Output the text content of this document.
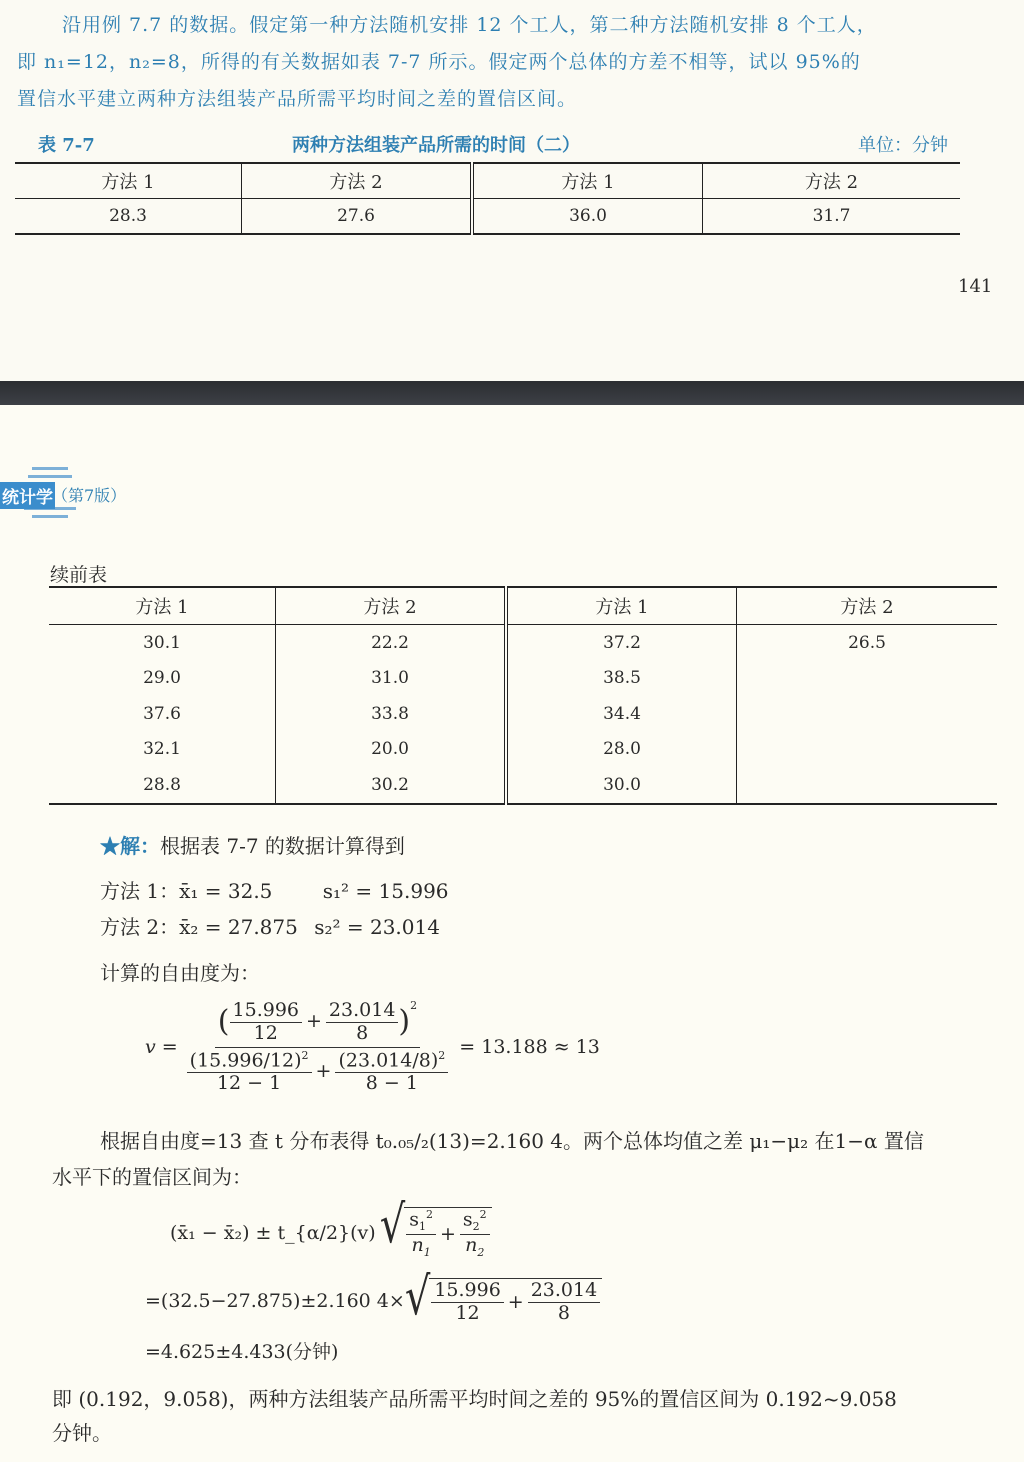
沿用例 7.7 的数据。假定第一种方法随机安排 12 个工人，第二种方法随机安排 8 个工人，
即 n₁=12，n₂=8，所得的有关数据如表 7-7 所示。假定两个总体的方差不相等，试以 95%的
置信水平建立两种方法组装产品所需平均时间之差的置信区间。
表 7-7	两种方法组装产品所需的时间（二）	单位：分钟
方法 1	方法 2	方法 1	方法 2
28.3	27.6	36.0	31.7
141
统计学 （第7版）
续前表
方法 1	方法 2	方法 1	方法 2
30.1	22.2	37.2	26.5
29.0	31.0	38.5	
37.6	33.8	34.4	
32.1	20.0	28.0	
28.8	30.2	30.0	
★解：根据表 7-7 的数据计算得到
方法 1：x̄₁ = 32.5	s₁² = 15.996
方法 2：x̄₂ = 27.875 s₂² = 23.014
计算的自由度为：
$v = \frac{( \frac{15.996}{12} + \frac{23.014}{8} )^2}{\frac{(15.996/12)^2}{12 - 1} + \frac{(23.014/8)^2}{8 - 1}} = 13.188 \approx 13$
根据自由度=13 查 t 分布表得 t₀.₀₅/₂(13)=2.160 4。两个总体均值之差 μ₁−μ₂ 在1−α 置信
水平下的置信区间为：
(x̄₁ − x̄₂) ± t_{α/2}(v) √ $\frac{s_1^2}{n_1} + \frac{s_2^2}{n_2}$
=(32.5−27.875)±2.160 4× √ $\frac{15.996}{12} + \frac{23.014}{8}$
=4.625±4.433(分钟)
即 (0.192，9.058)，两种方法组装产品所需平均时间之差的 95%的置信区间为 0.192~9.058
分钟。
